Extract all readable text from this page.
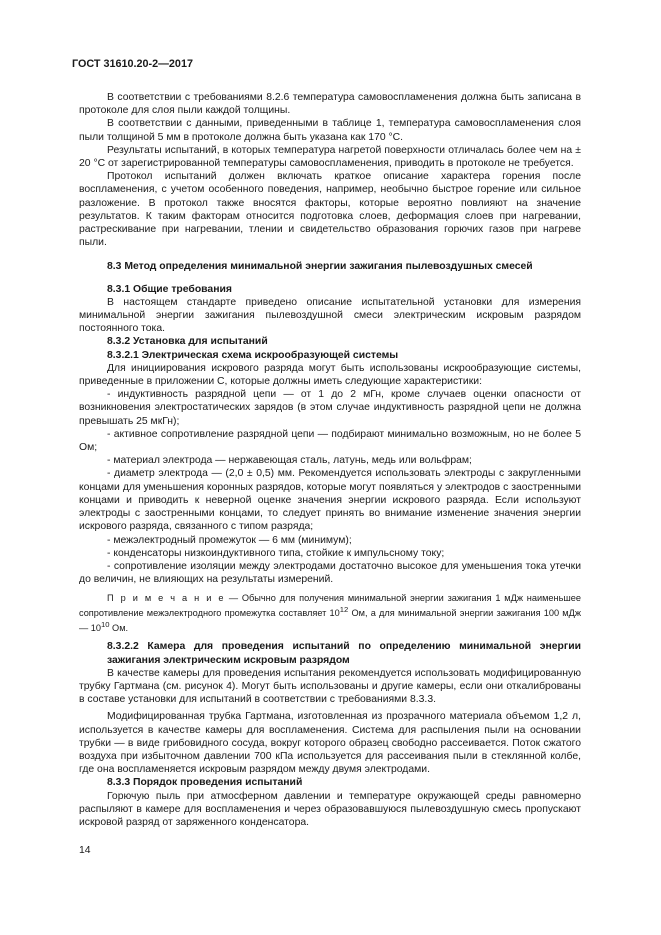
ГОСТ 31610.20-2—2017

В соответствии с требованиями 8.2.6 температура самовоспламенения должна быть записана в протоколе для слоя пыли каждой толщины.

В соответствии с данными, приведенными в таблице 1, температура самовоспламенения слоя пыли толщиной 5 мм в протоколе должна быть указана как 170 °С.

Результаты испытаний, в которых температура нагретой поверхности отличалась более чем на ± 20 °С от зарегистрированной температуры самовоспламенения, приводить в протоколе не требуется.

Протокол испытаний должен включать краткое описание характера горения после воспламенения, с учетом особенного поведения, например, необычно быстрое горение или сильное разложение. В протокол также вносятся факторы, которые вероятно повлияют на значение результатов. К таким факторам относится подготовка слоев, деформация слоев при нагревании, растрескивание при нагревании, тлении и свидетельство образования горючих газов при нагреве пыли.

8.3 Метод определения минимальной энергии зажигания пылевоздушных смесей

8.3.1 Общие требования

В настоящем стандарте приведено описание испытательной установки для измерения минимальной энергии зажигания пылевоздушной смеси электрическим искровым разрядом постоянного тока.

8.3.2 Установка для испытаний

8.3.2.1 Электрическая схема искрообразующей системы

Для инициирования искрового разряда могут быть использованы искрообразующие системы, приведенные в приложении С, которые должны иметь следующие характеристики:

- индуктивность разрядной цепи — от 1 до 2 мГн, кроме случаев оценки опасности от возникновения электростатических зарядов (в этом случае индуктивность разрядной цепи не должна превышать 25 мкГн);

- активное сопротивление разрядной цепи — подбирают минимально возможным, но не более 5 Ом;

- материал электрода — нержавеющая сталь, латунь, медь или вольфрам;

- диаметр электрода — (2,0 ± 0,5) мм. Рекомендуется использовать электроды с закругленными концами для уменьшения коронных разрядов, которые могут появляться у электродов с заостренными концами и приводить к неверной оценке значения энергии искрового разряда. Если используют электроды с заостренными концами, то следует принять во внимание изменение значения энергии искрового разряда, связанного с типом разряда;

- межэлектродный промежуток — 6 мм (минимум);

- конденсаторы низкоиндуктивного типа, стойкие к импульсному току;

- сопротивление изоляции между электродами достаточно высокое для уменьшения тока утечки до величин, не влияющих на результаты измерений.

П р и м е ч а н и е — Обычно для получения минимальной энергии зажигания 1 мДж наименьшее сопротивление межэлектродного промежутка составляет $10^{12}$ Ом, а для минимальной энергии зажигания 100 мДж — $10^{10}$ Ом.

8.3.2.2 Камера для проведения испытаний по определению минимальной энергии зажигания электрическим искровым разрядом

В качестве камеры для проведения испытания рекомендуется использовать модифицированную трубку Гартмана (см. рисунок 4). Могут быть использованы и другие камеры, если они откалиброваны в составе установки для испытаний в соответствии с требованиями 8.3.3.

Модифицированная трубка Гартмана, изготовленная из прозрачного материала объемом 1,2 л, используется в качестве камеры для воспламенения. Система для распыления пыли на основании трубки — в виде грибовидного сосуда, вокруг которого образец свободно рассеивается. Поток сжатого воздуха при избыточном давлении 700 кПа используется для рассеивания пыли в стеклянной колбе, где она воспламеняется искровым разрядом между двумя электродами.

8.3.3 Порядок проведения испытаний

Горючую пыль при атмосферном давлении и температуре окружающей среды равномерно распыляют в камере для воспламенения и через образовавшуюся пылевоздушную смесь пропускают искровой разряд от заряженного конденсатора.

14
